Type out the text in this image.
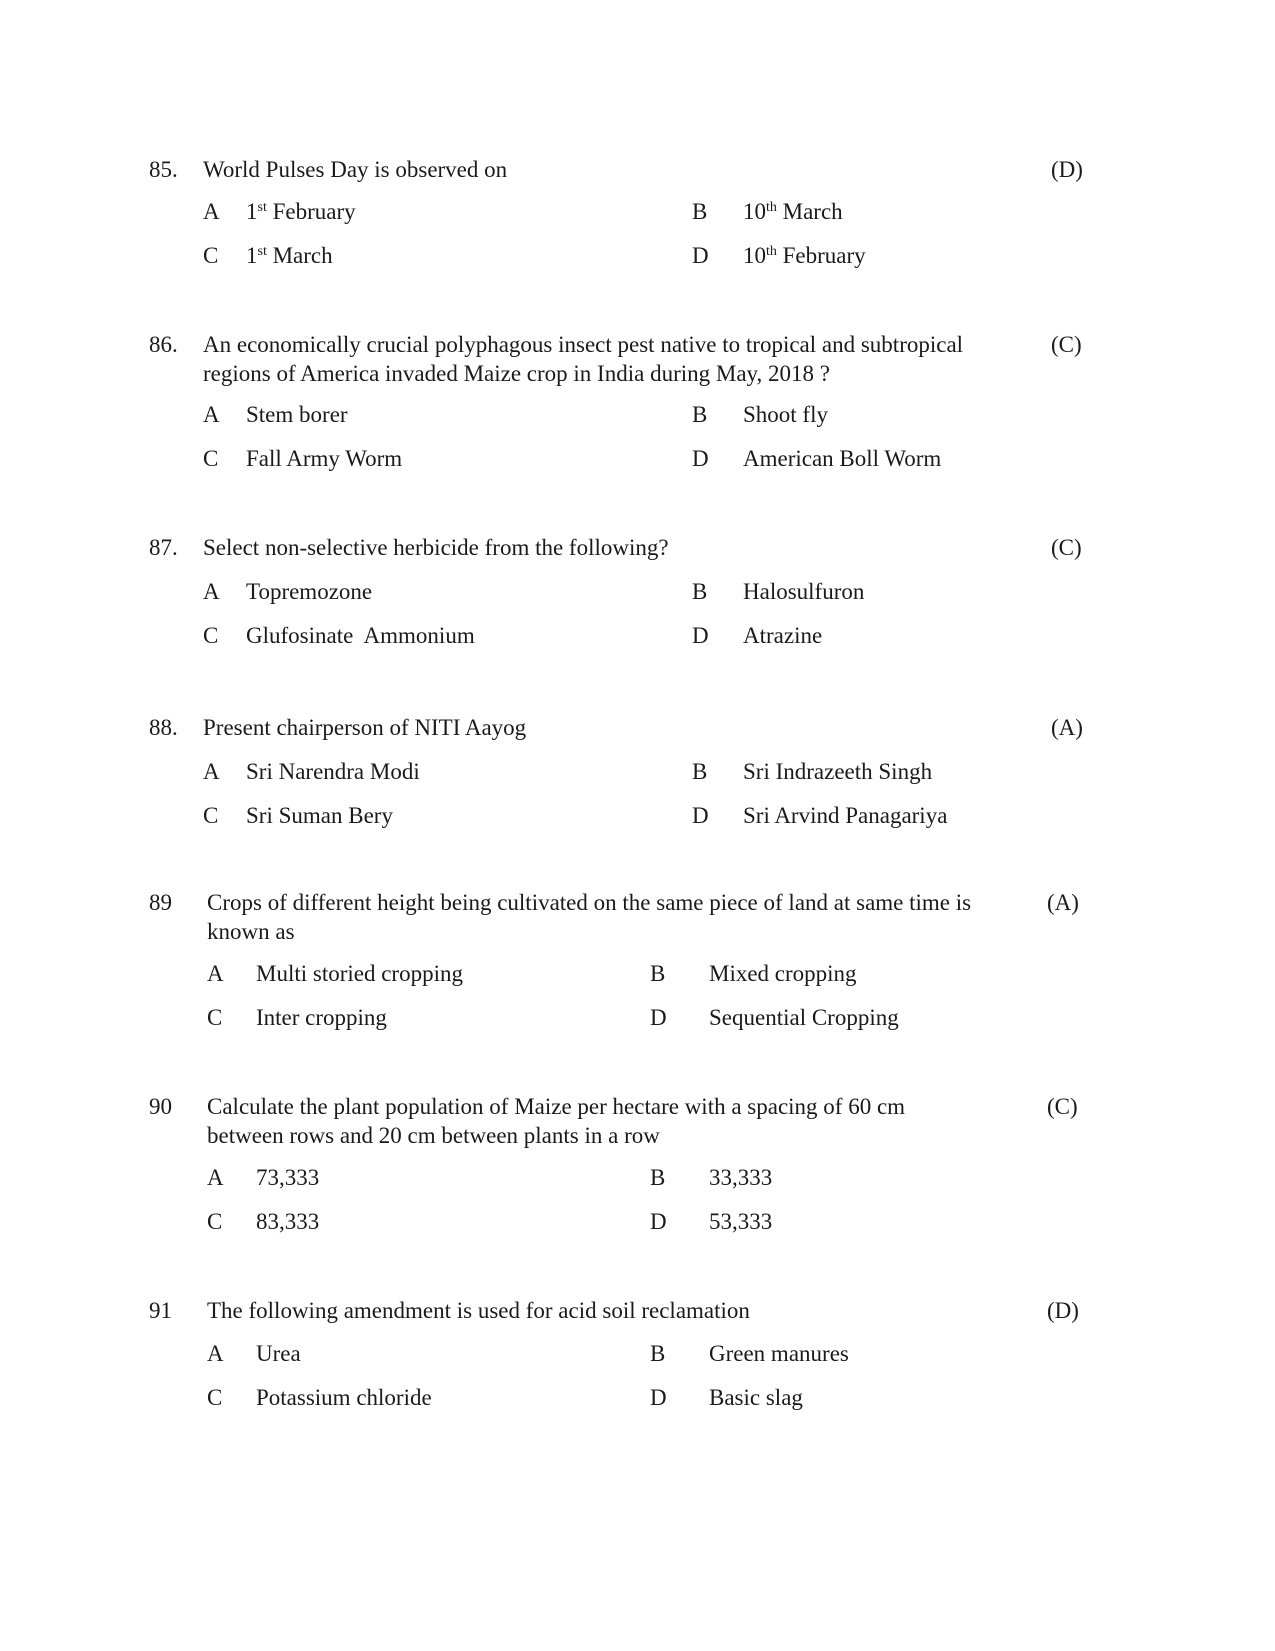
85. World Pulses Day is observed on	(D)
A 1st February	B 10th March
C 1st March	D 10th February
86. An economically crucial polyphagous insect pest native to tropical and subtropical regions of America invaded Maize crop in India during May, 2018 ?
(C)
A Stem borer	B Shoot fly
C Fall Army Worm	D American Boll Worm
87. Select non-selective herbicide from the following?	(C)
A Topremozone	B Halosulfuron
C Glufosinate  Ammonium	D Atrazine
88. Present chairperson of NITI Aayog	(A)
A Sri Narendra Modi	B Sri Indrazeeth Singh
C Sri Suman Bery	D Sri Arvind Panagariya
89 Crops of different height being cultivated on the same piece of land at same time is known as
(A)
A Multi storied cropping	B Mixed cropping
C Inter cropping	D Sequential Cropping
90 Calculate the plant population of Maize per hectare with a spacing of 60 cm between rows and 20 cm between plants in a row
(C)
A 73,333	B 33,333
C 83,333	D 53,333
91 The following amendment is used for acid soil reclamation	(D)
A Urea	B Green manures
C Potassium chloride	D Basic slag
